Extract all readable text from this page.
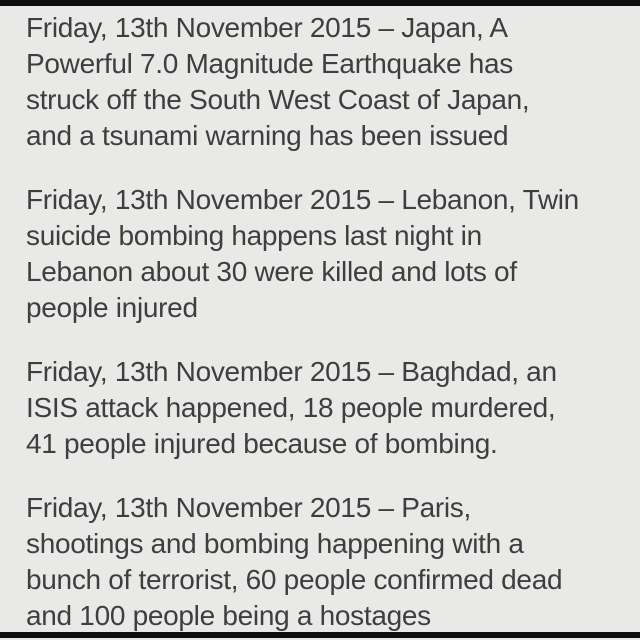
Friday, 13th November 2015 – Japan, A
Powerful 7.0 Magnitude Earthquake has
struck off the South West Coast of Japan,
and a tsunami warning has been issued
Friday, 13th November 2015 – Lebanon, Twin
suicide bombing happens last night in
Lebanon about 30 were killed and lots of
people injured
Friday, 13th November 2015 – Baghdad, an
ISIS attack happened, 18 people murdered,
41 people injured because of bombing.
Friday, 13th November 2015 – Paris,
shootings and bombing happening with a
bunch of terrorist, 60 people confirmed dead
and 100 people being a hostages
